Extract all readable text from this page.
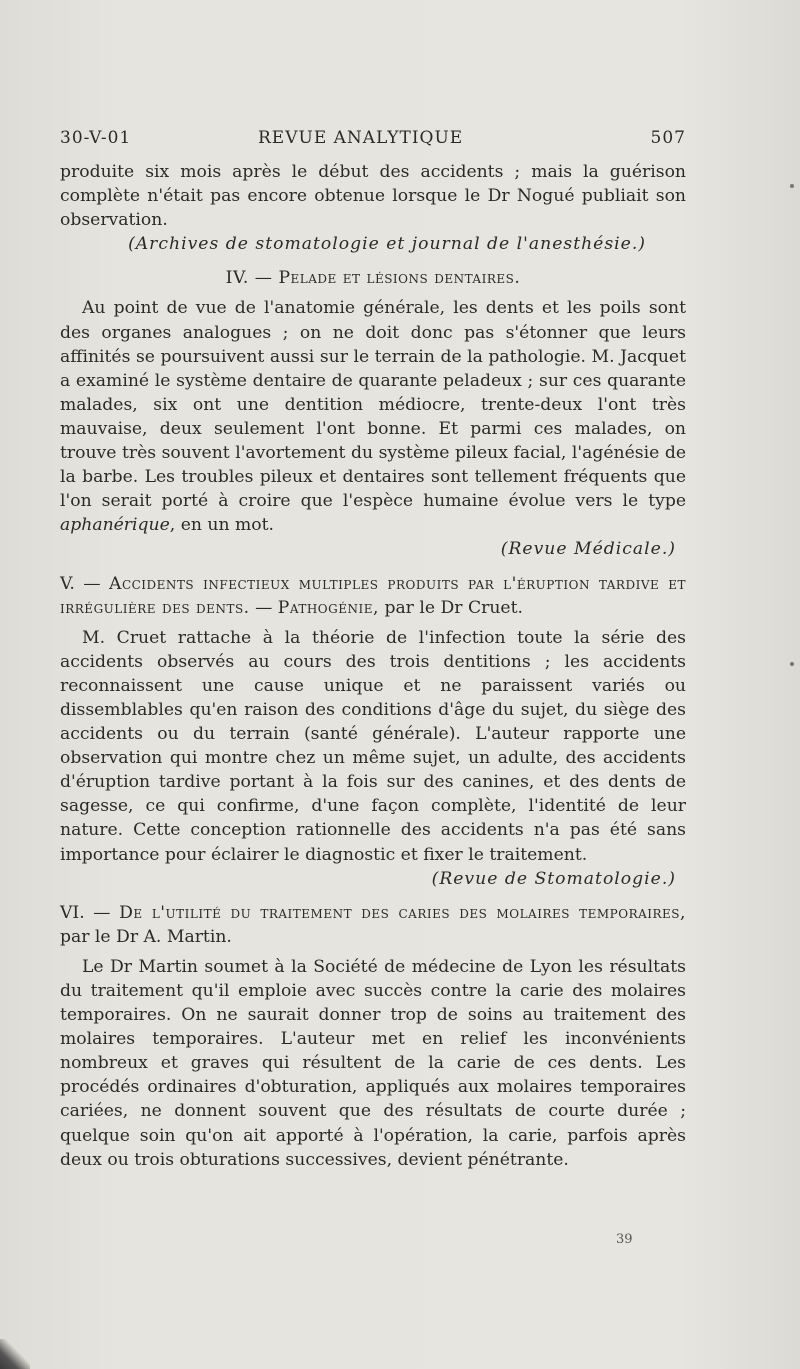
30-V-01	REVUE ANALYTIQUE	507

produite six mois après le début des accidents ; mais la guérison complète n'était pas encore obtenue lorsque le Dr Nogué publiait son observation.

(Archives de stomatologie et journal de l'anesthésie.)

IV. — Pelade et lésions dentaires.

Au point de vue de l'anatomie générale, les dents et les poils sont des organes analogues ; on ne doit donc pas s'étonner que leurs affinités se poursuivent aussi sur le terrain de la pathologie. M. Jacquet a examiné le système dentaire de quarante peladeux ; sur ces quarante malades, six ont une dentition médiocre, trente-deux l'ont très mauvaise, deux seulement l'ont bonne. Et parmi ces malades, on trouve très souvent l'avortement du système pileux facial, l'agénésie de la barbe. Les troubles pileux et dentaires sont tellement fréquents que l'on serait porté à croire que l'espèce humaine évolue vers le type aphanérique, en un mot.

(Revue Médicale.)

V. — Accidents infectieux multiples produits par l'éruption tardive et irrégulière des dents. — Pathogénie, par le Dr Cruet.

M. Cruet rattache à la théorie de l'infection toute la série des accidents observés au cours des trois dentitions ; les accidents reconnaissent une cause unique et ne paraissent variés ou dissemblables qu'en raison des conditions d'âge du sujet, du siège des accidents ou du terrain (santé générale). L'auteur rapporte une observation qui montre chez un même sujet, un adulte, des accidents d'éruption tardive portant à la fois sur des canines, et des dents de sagesse, ce qui confirme, d'une façon complète, l'identité de leur nature. Cette conception rationnelle des accidents n'a pas été sans importance pour éclairer le diagnostic et fixer le traitement.

(Revue de Stomatologie.)

VI. — De l'utilité du traitement des caries des molaires temporaires, par le Dr A. Martin.

Le Dr Martin soumet à la Société de médecine de Lyon les résultats du traitement qu'il emploie avec succès contre la carie des molaires temporaires. On ne saurait donner trop de soins au traitement des molaires temporaires. L'auteur met en relief les inconvénients nombreux et graves qui résultent de la carie de ces dents. Les procédés ordinaires d'obturation, appliqués aux molaires temporaires cariées, ne donnent souvent que des résultats de courte durée ; quelque soin qu'on ait apporté à l'opération, la carie, parfois après deux ou trois obturations successives, devient pénétrante.

39
